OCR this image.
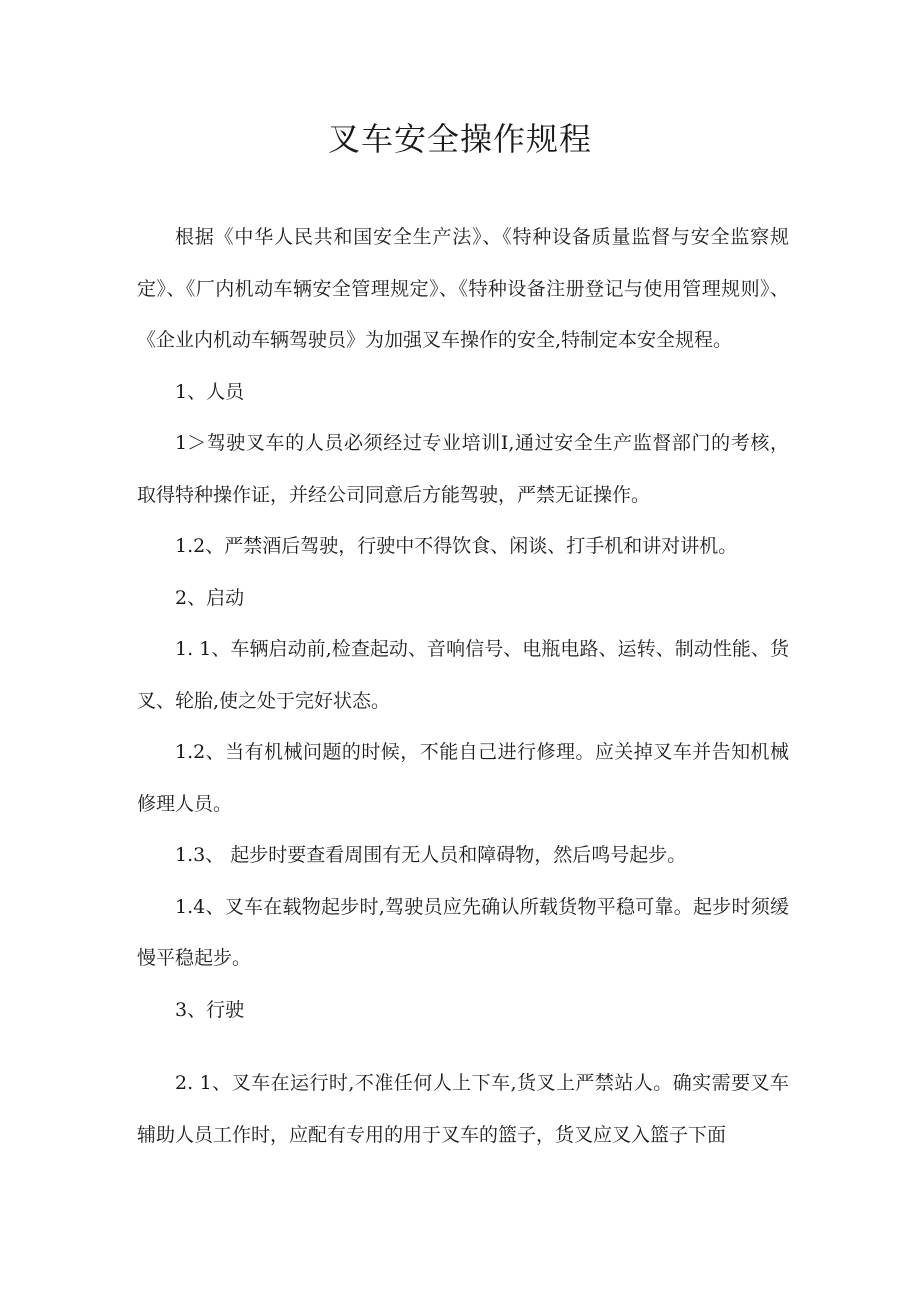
叉车安全操作规程

根据《中华人民共和国安全生产法》、《特种设备质量监督与安全监察规定》、《厂内机动车辆安全管理规定》、《特种设备注册登记与使用管理规则》、《企业内机动车辆驾驶员》为加强叉车操作的安全,特制定本安全规程。

1、人员

1＞驾驶叉车的人员必须经过专业培训I,通过安全生产监督部门的考核，取得特种操作证，并经公司同意后方能驾驶，严禁无证操作。

1.2、严禁酒后驾驶，行驶中不得饮食、闲谈、打手机和讲对讲机。

2、启动

1. 1、车辆启动前,检查起动、音响信号、电瓶电路、运转、制动性能、货叉、轮胎,使之处于完好状态。

1.2、当有机械问题的时候，不能自己进行修理。应关掉叉车并告知机械修理人员。

1.3、 起步时要查看周围有无人员和障碍物，然后鸣号起步。

1.4、叉车在载物起步时,驾驶员应先确认所载货物平稳可靠。起步时须缓慢平稳起步。

3、行驶

2. 1、叉车在运行时,不准任何人上下车,货叉上严禁站人。确实需要叉车辅助人员工作时，应配有专用的用于叉车的篮子，货叉应叉入篮子下面
